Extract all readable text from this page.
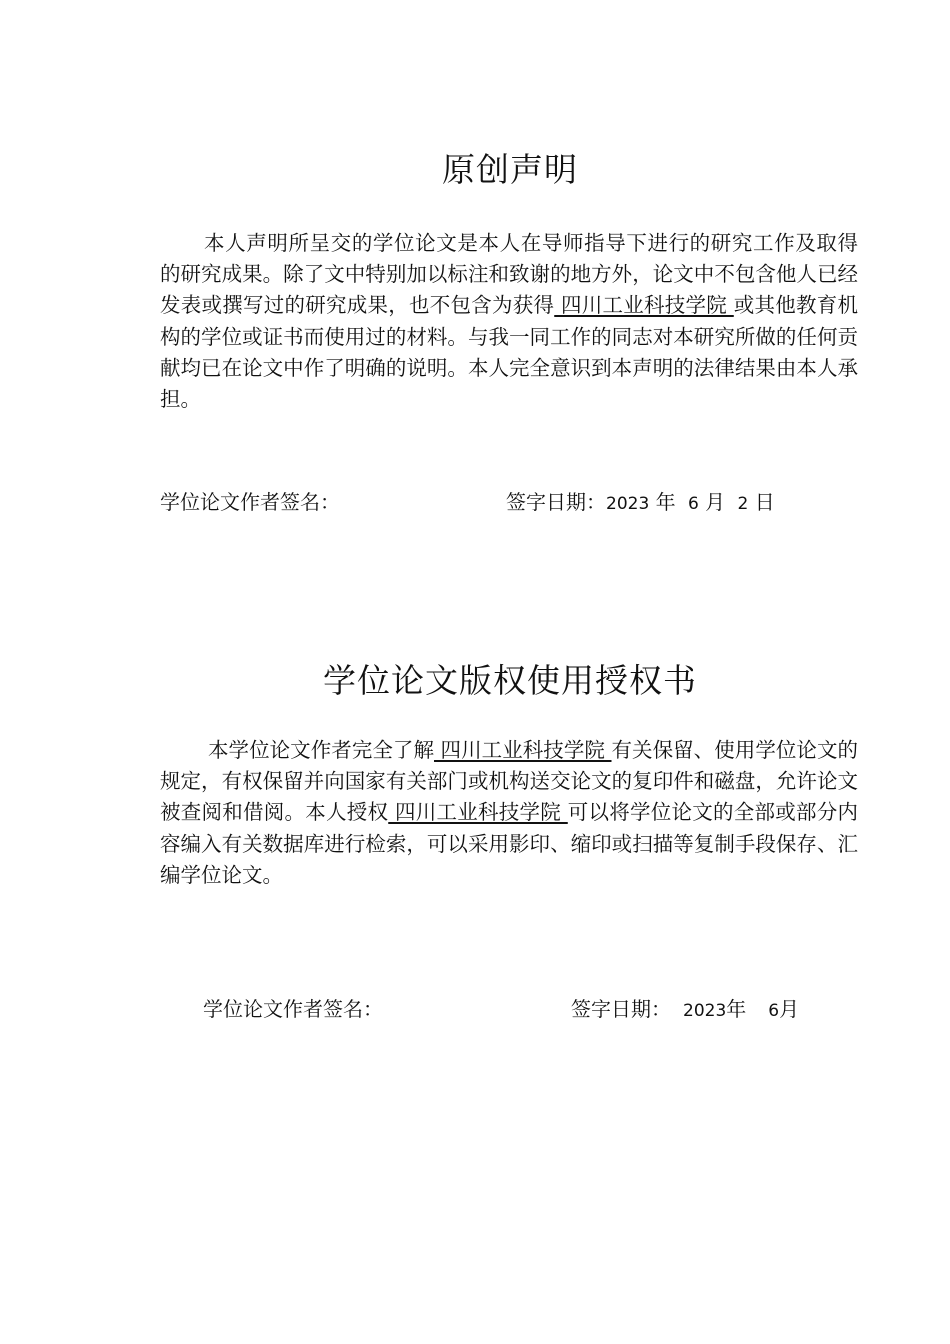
原创声明

本人声明所呈交的学位论文是本人在导师指导下进行的研究工作及取得的研究成果。除了文中特别加以标注和致谢的地方外，论文中不包含他人已经发表或撰写过的研究成果，也不包含为获得 四川工业科技学院 或其他教育机构的学位或证书而使用过的材料。与我一同工作的同志对本研究所做的任何贡献均已在论文中作了明确的说明。本人完全意识到本声明的法律结果由本人承担。

学位论文作者签名：	签字日期：2023 年 6 月 2 日
学位论文版权使用授权书

本学位论文作者完全了解 四川工业科技学院 有关保留、使用学位论文的规定，有权保留并向国家有关部门或机构送交论文的复印件和磁盘，允许论文被查阅和借阅。本人授权 四川工业科技学院 可以将学位论文的全部或部分内容编入有关数据库进行检索，可以采用影印、缩印或扫描等复制手段保存、汇编学位论文。

学位论文作者签名：	签字日期： 2023年 6月
